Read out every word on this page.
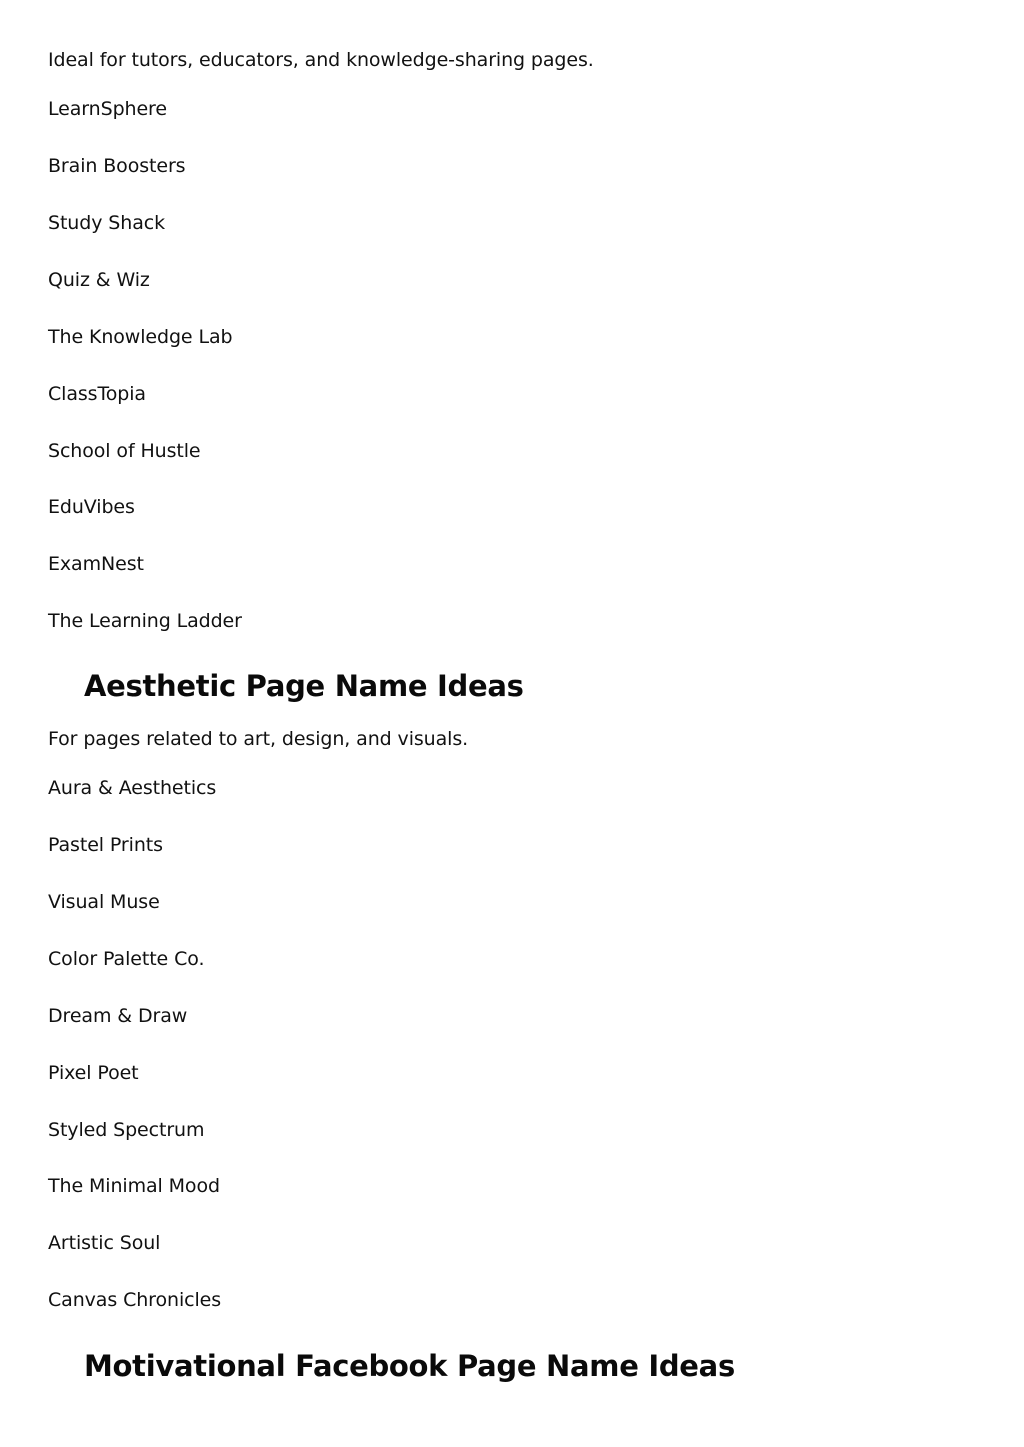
Ideal for tutors, educators, and knowledge-sharing pages.

LearnSphere

Brain Boosters

Study Shack

Quiz & Wiz

The Knowledge Lab

ClassTopia

School of Hustle

EduVibes

ExamNest

The Learning Ladder

Aesthetic Page Name Ideas

For pages related to art, design, and visuals.

Aura & Aesthetics

Pastel Prints

Visual Muse

Color Palette Co.

Dream & Draw

Pixel Poet

Styled Spectrum

The Minimal Mood

Artistic Soul

Canvas Chronicles

Motivational Facebook Page Name Ideas
